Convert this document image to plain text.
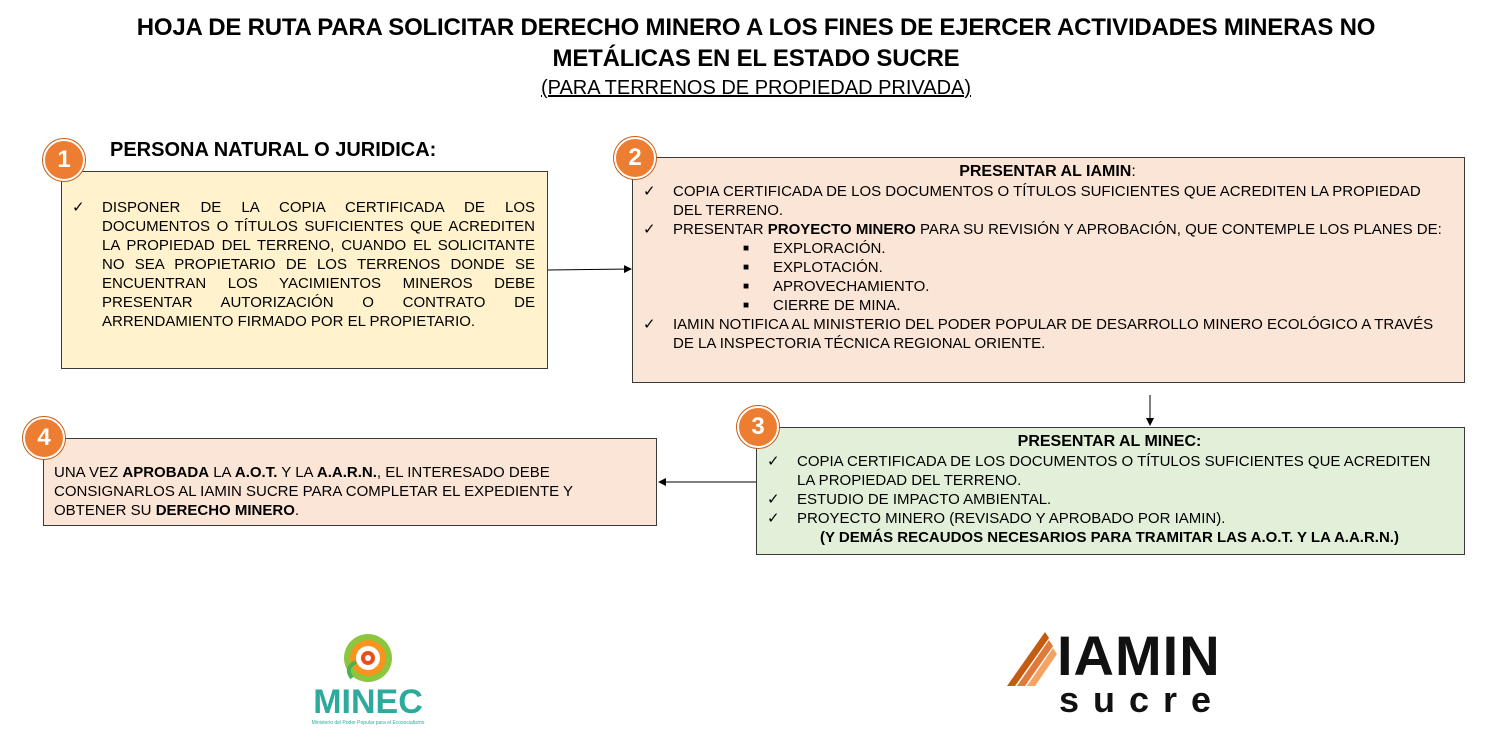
HOJA DE RUTA PARA SOLICITAR DERECHO MINERO A LOS FINES DE EJERCER ACTIVIDADES MINERAS NO
METÁLICAS EN EL ESTADO SUCRE
(PARA TERRENOS DE PROPIEDAD PRIVADA)
PERSONA NATURAL O JURIDICA:
✓	DISPONER DE LA COPIA CERTIFICADA DE LOS DOCUMENTOS O TÍTULOS SUFICIENTES QUE ACREDITEN LA PROPIEDAD DEL TERRENO, CUANDO EL SOLICITANTE NO SEA PROPIETARIO DE LOS TERRENOS DONDE SE ENCUENTRAN LOS YACIMIENTOS MINEROS DEBE PRESENTAR AUTORIZACIÓN O CONTRATO DE ARRENDAMIENTO FIRMADO POR EL PROPIETARIO.
1	PRESENTAR AL IAMIN:
✓	COPIA CERTIFICADA DE LOS DOCUMENTOS O TÍTULOS SUFICIENTES QUE ACREDITEN LA PROPIEDAD DEL TERRENO.
✓	PRESENTAR PROYECTO MINERO PARA SU REVISIÓN Y APROBACIÓN, QUE CONTEMPLE LOS PLANES DE:
■	EXPLORACIÓN.
■	EXPLOTACIÓN.
■	APROVECHAMIENTO.
■	CIERRE DE MINA.
✓	IAMIN NOTIFICA AL MINISTERIO DEL PODER POPULAR DE DESARROLLO MINERO ECOLÓGICO A TRAVÉS DE LA INSPECTORIA TÉCNICA REGIONAL ORIENTE.
2
PRESENTAR AL MINEC:
✓	COPIA CERTIFICADA DE LOS DOCUMENTOS O TÍTULOS SUFICIENTES QUE ACREDITEN LA PROPIEDAD DEL TERRENO.
✓	ESTUDIO DE IMPACTO AMBIENTAL.
✓	PROYECTO MINERO (REVISADO Y APROBADO POR IAMIN).
(Y DEMÁS RECAUDOS NECESARIOS PARA TRAMITAR LAS A.O.T. Y LA A.A.R.N.)
3
UNA VEZ APROBADA LA A.O.T. Y LA A.A.R.N., EL INTERESADO DEBE CONSIGNARLOS AL IAMIN SUCRE PARA COMPLETAR EL EXPEDIENTE Y OBTENER SU DERECHO MINERO.
4
MINEC
Ministerio del Poder Popular para el Ecosocialismo
IAMIN
sucre
